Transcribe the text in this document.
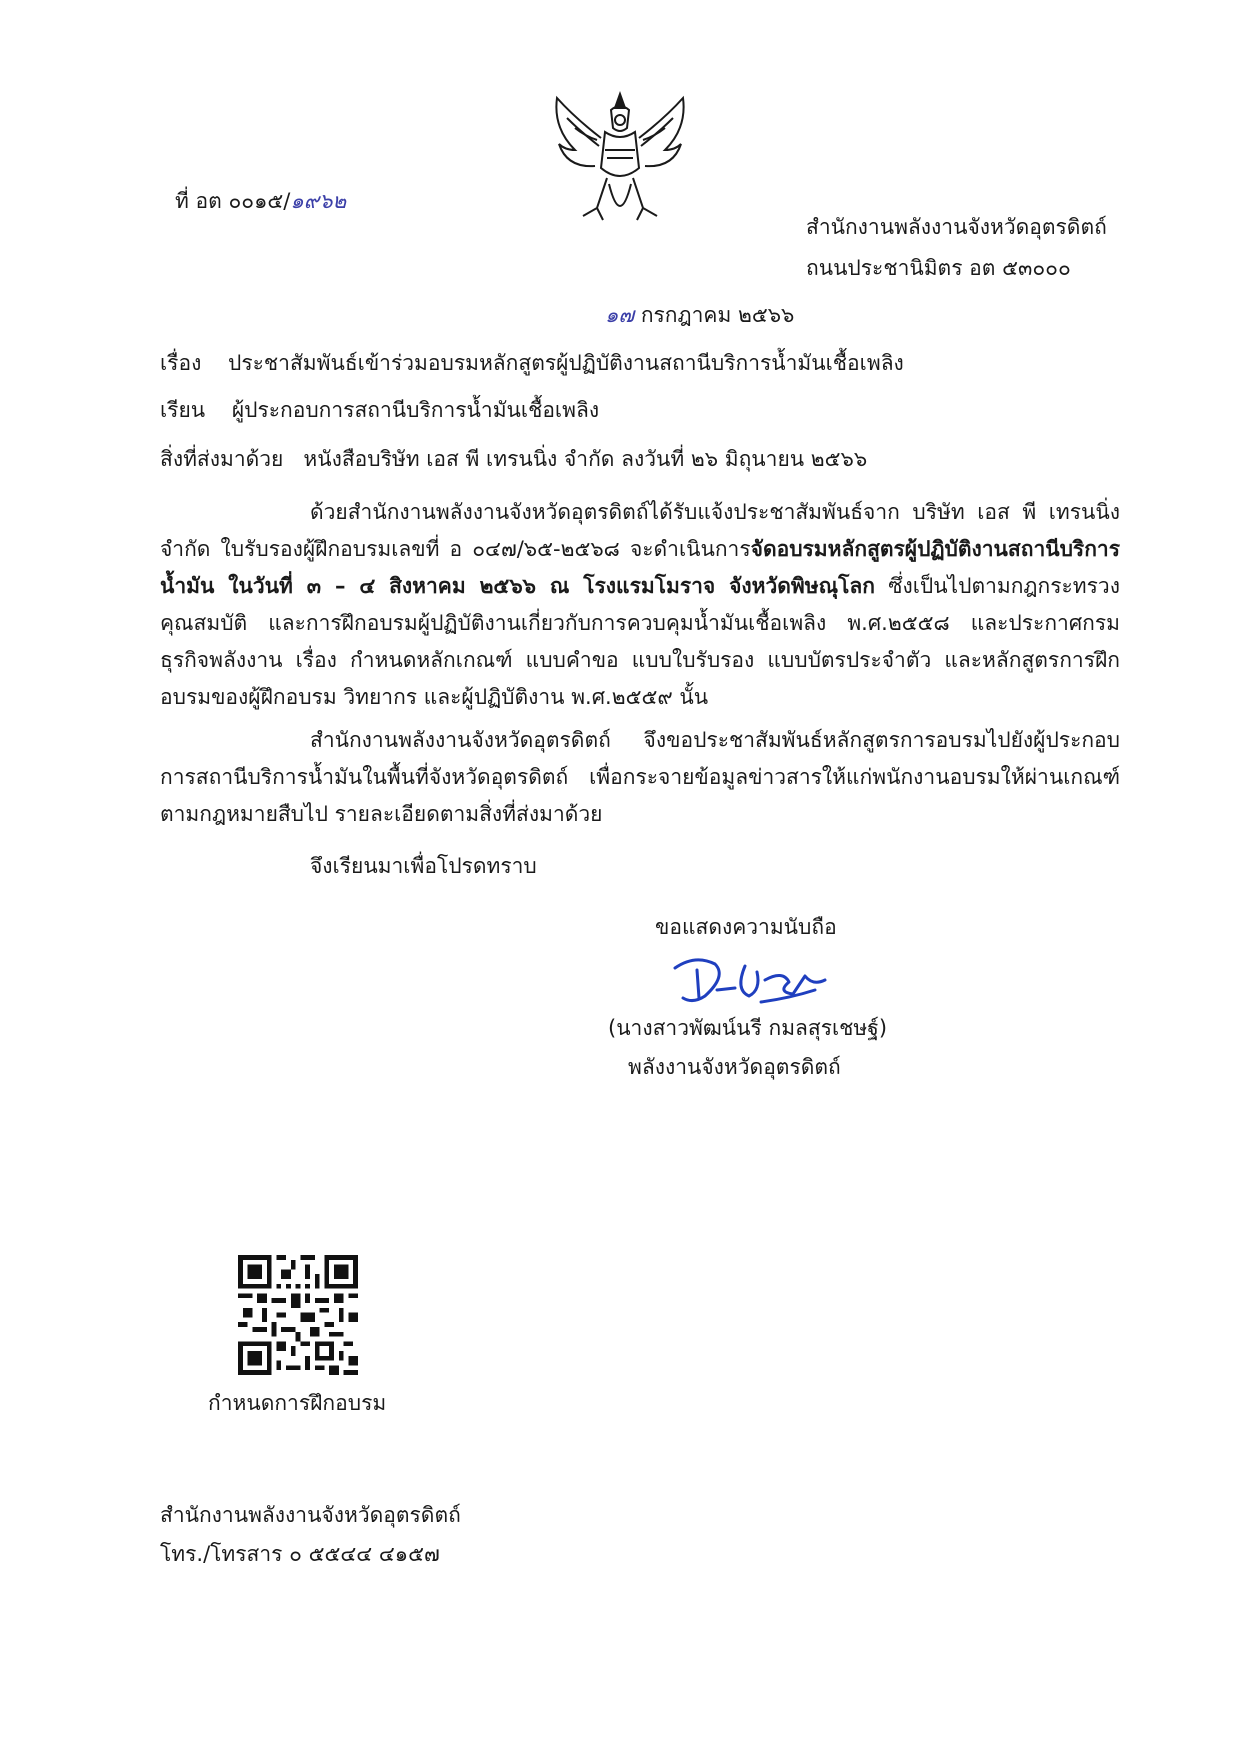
ที่ อต ๐๐๑๕/๑๙๖๒
สำนักงานพลังงานจังหวัดอุตรดิตถ์
ถนนประชานิมิตร อต ๕๓๐๐๐
๑๗ กรกฎาคม ๒๕๖๖
เรื่อง ประชาสัมพันธ์เข้าร่วมอบรมหลักสูตรผู้ปฏิบัติงานสถานีบริการน้ำมันเชื้อเพลิง
เรียน ผู้ประกอบการสถานีบริการน้ำมันเชื้อเพลิง
สิ่งที่ส่งมาด้วย หนังสือบริษัท เอส พี เทรนนิ่ง จำกัด ลงวันที่ ๒๖ มิถุนายน ๒๕๖๖
ด้วยสำนักงานพลังงานจังหวัดอุตรดิตถ์ได้รับแจ้งประชาสัมพันธ์จาก บริษัท เอส พี เทรนนิ่ง จำกัด ใบรับรองผู้ฝึกอบรมเลขที่ อ ๐๔๗/๖๕-๒๕๖๘ จะดำเนินการจัดอบรมหลักสูตรผู้ปฏิบัติงานสถานีบริการน้ำมัน ในวันที่ ๓ – ๔ สิงหาคม ๒๕๖๖ ณ โรงแรมโมราจ จังหวัดพิษณุโลก ซึ่งเป็นไปตามกฎกระทรวง คุณสมบัติ และการฝึกอบรมผู้ปฏิบัติงานเกี่ยวกับการควบคุมน้ำมันเชื้อเพลิง พ.ศ.๒๕๕๘ และประกาศกรมธุรกิจพลังงาน เรื่อง กำหนดหลักเกณฑ์ แบบคำขอ แบบใบรับรอง แบบบัตรประจำตัว และหลักสูตรการฝึกอบรมของผู้ฝึกอบรม วิทยากร และผู้ปฏิบัติงาน พ.ศ.๒๕๕๙ นั้น
สำนักงานพลังงานจังหวัดอุตรดิตถ์ จึงขอประชาสัมพันธ์หลักสูตรการอบรมไปยังผู้ประกอบการสถานีบริการน้ำมันในพื้นที่จังหวัดอุตรดิตถ์ เพื่อกระจายข้อมูลข่าวสารให้แก่พนักงานอบรมให้ผ่านเกณฑ์ตามกฎหมายสืบไป รายละเอียดตามสิ่งที่ส่งมาด้วย
จึงเรียนมาเพื่อโปรดทราบ
ขอแสดงความนับถือ
(นางสาวพัฒน์นรี กมลสุรเชษฐ์)
พลังงานจังหวัดอุตรดิตถ์
กำหนดการฝึกอบรม
สำนักงานพลังงานจังหวัดอุตรดิตถ์
โทร./โทรสาร ๐ ๕๕๔๔ ๔๑๕๗
